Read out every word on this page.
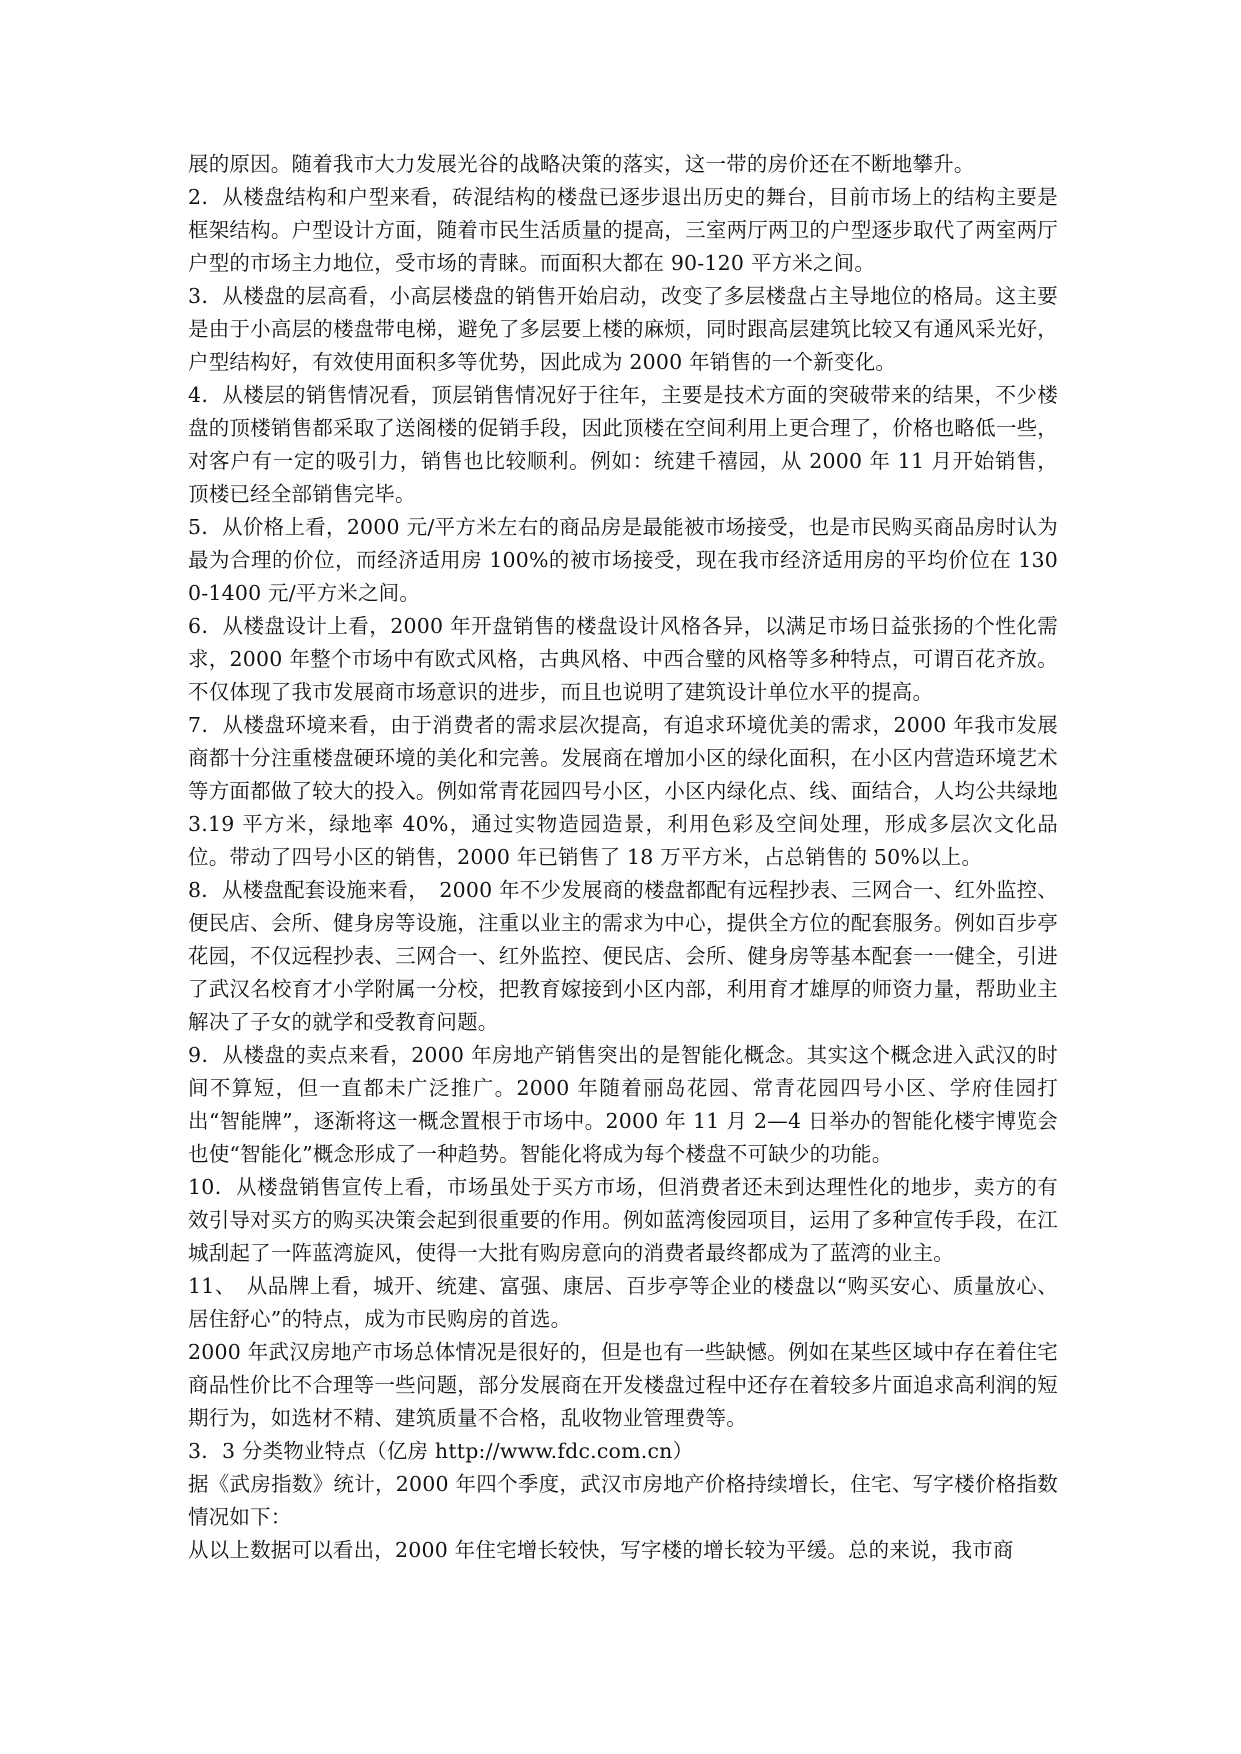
展的原因。随着我市大力发展光谷的战略决策的落实，这一带的房价还在不断地攀升。

2．从楼盘结构和户型来看，砖混结构的楼盘已逐步退出历史的舞台，目前市场上的结构主要是框架结构。户型设计方面，随着市民生活质量的提高，三室两厅两卫的户型逐步取代了两室两厅户型的市场主力地位，受市场的青睐。而面积大都在 90-120 平方米之间。

3．从楼盘的层高看，小高层楼盘的销售开始启动，改变了多层楼盘占主导地位的格局。这主要是由于小高层的楼盘带电梯，避免了多层要上楼的麻烦，同时跟高层建筑比较又有通风采光好，户型结构好，有效使用面积多等优势，因此成为 2000 年销售的一个新变化。

4．从楼层的销售情况看，顶层销售情况好于往年，主要是技术方面的突破带来的结果，不少楼盘的顶楼销售都采取了送阁楼的促销手段，因此顶楼在空间利用上更合理了，价格也略低一些，对客户有一定的吸引力，销售也比较顺利。例如：统建千禧园，从 2000 年 11 月开始销售，顶楼已经全部销售完毕。

5．从价格上看，2000 元/平方米左右的商品房是最能被市场接受，也是市民购买商品房时认为最为合理的价位，而经济适用房 100%的被市场接受，现在我市经济适用房的平均价位在 1300-1400 元/平方米之间。

6．从楼盘设计上看，2000 年开盘销售的楼盘设计风格各异，以满足市场日益张扬的个性化需求，2000 年整个市场中有欧式风格，古典风格、中西合璧的风格等多种特点，可谓百花齐放。不仅体现了我市发展商市场意识的进步，而且也说明了建筑设计单位水平的提高。

7．从楼盘环境来看，由于消费者的需求层次提高，有追求环境优美的需求，2000 年我市发展商都十分注重楼盘硬环境的美化和完善。发展商在增加小区的绿化面积，在小区内营造环境艺术等方面都做了较大的投入。例如常青花园四号小区，小区内绿化点、线、面结合，人均公共绿地 3.19 平方米，绿地率 40%，通过实物造园造景，利用色彩及空间处理，形成多层次文化品位。带动了四号小区的销售，2000 年已销售了 18 万平方米，占总销售的 50%以上。

8．从楼盘配套设施来看，　2000 年不少发展商的楼盘都配有远程抄表、三网合一、红外监控、便民店、会所、健身房等设施，注重以业主的需求为中心，提供全方位的配套服务。例如百步亭花园，不仅远程抄表、三网合一、红外监控、便民店、会所、健身房等基本配套一一健全，引进了武汉名校育才小学附属一分校，把教育嫁接到小区内部，利用育才雄厚的师资力量，帮助业主解决了子女的就学和受教育问题。

9．从楼盘的卖点来看，2000 年房地产销售突出的是智能化概念。其实这个概念进入武汉的时间不算短，但一直都未广泛推广。2000 年随着丽岛花园、常青花园四号小区、学府佳园打出“智能牌”，逐渐将这一概念置根于市场中。2000 年 11 月 2—4 日举办的智能化楼宇博览会也使“智能化”概念形成了一种趋势。智能化将成为每个楼盘不可缺少的功能。

10．从楼盘销售宣传上看，市场虽处于买方市场，但消费者还未到达理性化的地步，卖方的有效引导对买方的购买决策会起到很重要的作用。例如蓝湾俊园项目，运用了多种宣传手段，在江城刮起了一阵蓝湾旋风，使得一大批有购房意向的消费者最终都成为了蓝湾的业主。

11、　从品牌上看，城开、统建、富强、康居、百步亭等企业的楼盘以“购买安心、质量放心、居住舒心”的特点，成为市民购房的首选。

2000 年武汉房地产市场总体情况是很好的，但是也有一些缺憾。例如在某些区域中存在着住宅商品性价比不合理等一些问题，部分发展商在开发楼盘过程中还存在着较多片面追求高利润的短期行为，如选材不精、建筑质量不合格，乱收物业管理费等。

3．3 分类物业特点（亿房 http://www.fdc.com.cn）

据《武房指数》统计，2000 年四个季度，武汉市房地产价格持续增长，住宅、写字楼价格指数情况如下：

从以上数据可以看出，2000 年住宅增长较快，写字楼的增长较为平缓。总的来说，我市商
